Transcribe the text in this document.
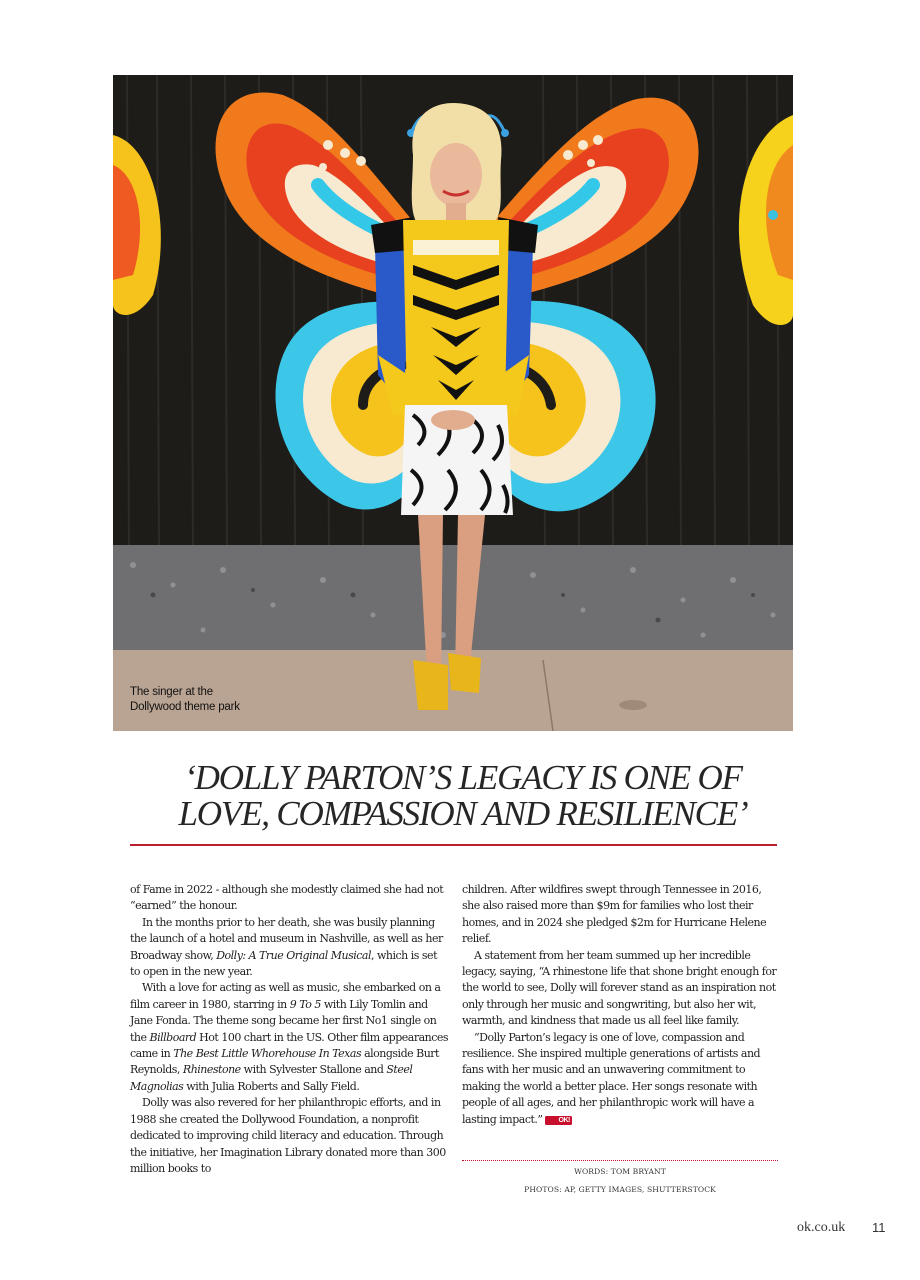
The singer at the
Dollywood theme park
‘DOLLY PARTON’S LEGACY IS ONE OF
LOVE, COMPASSION AND RESILIENCE’

of Fame in 2022 - although she modestly claimed she had not “earned” the honour.

In the months prior to her death, she was busily planning the launch of a hotel and museum in Nashville, as well as her Broadway show, Dolly: A True Original Musical, which is set to open in the new year.

With a love for acting as well as music, she embarked on a film career in 1980, starring in 9 To 5 with Lily Tomlin and Jane Fonda. The theme song became her first No1 single on the Billboard Hot 100 chart in the US. Other film appearances came in The Best Little Whorehouse In Texas alongside Burt Reynolds, Rhinestone with Sylvester Stallone and Steel Magnolias with Julia Roberts and Sally Field.

Dolly was also revered for her philanthropic efforts, and in 1988 she created the Dollywood Foundation, a nonprofit dedicated to improving child literacy and education. Through the initiative, her Imagination Library donated more than 300 million books to

children. After wildfires swept through Tennessee in 2016, she also raised more than $9m for families who lost their homes, and in 2024 she pledged $2m for Hurricane Helene relief.

A statement from her team summed up her incredible legacy, saying, “A rhinestone life that shone bright enough for the world to see, Dolly will forever stand as an inspiration not only through her music and songwriting, but also her wit, warmth, and kindness that made us all feel like family.

“Dolly Parton’s legacy is one of love, compassion and resilience. She inspired multiple generations of artists and fans with her music and an unwavering commitment to making the world a better place. Her songs resonate with people of all ages, and her philanthropic work will have a lasting impact.” OK!

WORDS: TOM BRYANT
PHOTOS: AP, GETTY IMAGES, SHUTTERSTOCK
ok.co.uk 11
